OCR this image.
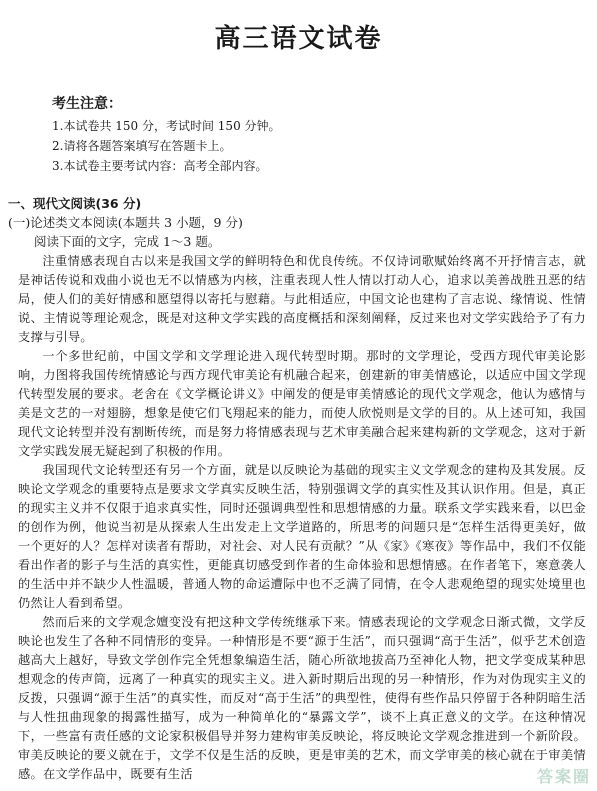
高三语文试卷
考生注意：
1.本试卷共 150 分，考试时间 150 分钟。
2.请将各题答案填写在答题卡上。
3.本试卷主要考试内容：高考全部内容。
一、现代文阅读(36 分)
(一)论述类文本阅读(本题共 3 小题，9 分)
阅读下面的文字，完成 1～3 题。

注重情感表现自古以来是我国文学的鲜明特色和优良传统。不仅诗词歌赋始终离不开抒情言志，就是神话传说和戏曲小说也无不以情感为内核，注重表现人性人情以打动人心，追求以美善战胜丑恶的结局，使人们的美好情感和愿望得以寄托与慰藉。与此相适应，中国文论也建构了言志说、缘情说、性情说、主情说等理论观念，既是对这种文学实践的高度概括和深刻阐释，反过来也对文学实践给予了有力支撑与引导。

一个多世纪前，中国文学和文学理论进入现代转型时期。那时的文学理论，受西方现代审美论影响，力图将我国传统情感论与西方现代审美论有机融合起来，创建新的审美情感论，以适应中国文学现代转型发展的要求。老舍在《文学概论讲义》中阐发的便是审美情感论的现代文学观念，他认为感情与美是文艺的一对翅膀，想象是使它们飞翔起来的能力，而使人欣悦则是文学的目的。从上述可知，我国现代文论转型并没有割断传统，而是努力将情感表现与艺术审美融合起来建构新的文学观念，这对于新文学实践发展无疑起到了积极的作用。

我国现代文论转型还有另一个方面，就是以反映论为基础的现实主义文学观念的建构及其发展。反映论文学观念的重要特点是要求文学真实反映生活，特别强调文学的真实性及其认识作用。但是，真正的现实主义并不仅限于追求真实性，同时还强调典型性和思想情感的力量。联系文学实践来看，以巴金的创作为例，他说当初是从探索人生出发走上文学道路的，所思考的问题只是“怎样生活得更美好，做一个更好的人？怎样对读者有帮助，对社会、对人民有贡献？”从《家》《寒夜》等作品中，我们不仅能看出作者的影子与生活的真实性，更能真切感受到作者的生命体验和思想情感。在作者笔下，寒意袭人的生活中并不缺少人性温暖，普通人物的命运遭际中也不乏满了同情，在令人悲观绝望的现实处境里也仍然让人看到希望。

然而后来的文学观念嬗变没有把这种文学传统继承下来。情感表现论的文学观念日渐式微，文学反映论也发生了各种不同情形的变异。一种情形是不要“源于生活”，而只强调“高于生活”，似乎艺术创造越高大上越好，导致文学创作完全凭想象编造生活，随心所欲地拔高乃至神化人物，把文学变成某种思想观念的传声筒，远离了一种真实的现实主义。进入新时期后出现的另一种情形，作为对伪现实主义的反拨，只强调“源于生活”的真实性，而反对“高于生活”的典型性，使得有些作品只停留于各种阴暗生活与人性扭曲现象的揭露性描写，成为一种简单化的“暴露文学”，谈不上真正意义的文学。在这种情况下，一些富有责任感的文论家积极倡导并努力建构审美反映论，将反映论文学观念推进到一个新阶段。审美反映论的要义就在于，文学不仅是生活的反映，更是审美的艺术，而文学审美的核心就在于审美情感。在文学作品中，既要有生活	答案圈
